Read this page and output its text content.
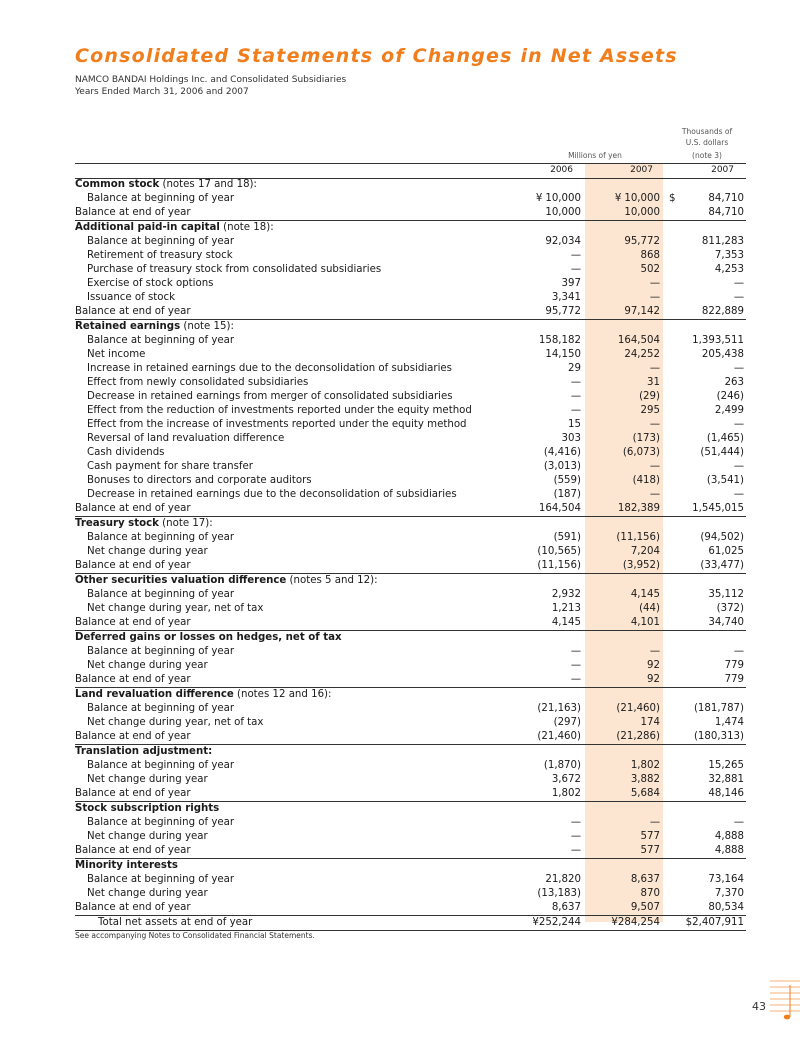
Consolidated Statements of Changes in Net Assets
NAMCO BANDAI Holdings Inc. and Consolidated Subsidiaries
Years Ended March 31, 2006 and 2007
Thousands of
U.S. dollars
(note 3)
Millions of yen
2006	2007	2007
Common stock (notes 17 and 18):			
Balance at beginning of year	¥ 10,000	¥ 10,000	$ 84,710
Balance at end of year	10,000	10,000	84,710
Additional paid-in capital (note 18):			
Balance at beginning of year	92,034	95,772	811,283
Retirement of treasury stock	—	868	7,353
Purchase of treasury stock from consolidated subsidiaries	—	502	4,253
Exercise of stock options	397	—	—
Issuance of stock	3,341	—	—
Balance at end of year	95,772	97,142	822,889
Retained earnings (note 15):			
Balance at beginning of year	158,182	164,504	1,393,511
Net income	14,150	24,252	205,438
Increase in retained earnings due to the deconsolidation of subsidiaries	29	—	—
Effect from newly consolidated subsidiaries	—	31	263
Decrease in retained earnings from merger of consolidated subsidiaries	—	(29)	(246)
Effect from the reduction of investments reported under the equity method	—	295	2,499
Effect from the increase of investments reported under the equity method	15	—	—
Reversal of land revaluation difference	303	(173)	(1,465)
Cash dividends	(4,416)	(6,073)	(51,444)
Cash payment for share transfer	(3,013)	—	—
Bonuses to directors and corporate auditors	(559)	(418)	(3,541)
Decrease in retained earnings due to the deconsolidation of subsidiaries	(187)	—	—
Balance at end of year	164,504	182,389	1,545,015
Treasury stock (note 17):			
Balance at beginning of year	(591)	(11,156)	(94,502)
Net change during year	(10,565)	7,204	61,025
Balance at end of year	(11,156)	(3,952)	(33,477)
Other securities valuation difference (notes 5 and 12):			
Balance at beginning of year	2,932	4,145	35,112
Net change during year, net of tax	1,213	(44)	(372)
Balance at end of year	4,145	4,101	34,740
Deferred gains or losses on hedges, net of tax			
Balance at beginning of year	—	—	—
Net change during year	—	92	779
Balance at end of year	—	92	779
Land revaluation difference (notes 12 and 16):			
Balance at beginning of year	(21,163)	(21,460)	(181,787)
Net change during year, net of tax	(297)	174	1,474
Balance at end of year	(21,460)	(21,286)	(180,313)
Translation adjustment:			
Balance at beginning of year	(1,870)	1,802	15,265
Net change during year	3,672	3,882	32,881
Balance at end of year	1,802	5,684	48,146
Stock subscription rights			
Balance at beginning of year	—	—	—
Net change during year	—	577	4,888
Balance at end of year	—	577	4,888
Minority interests			
Balance at beginning of year	21,820	8,637	73,164
Net change during year	(13,183)	870	7,370
Balance at end of year	8,637	9,507	80,534
Total net assets at end of year	¥252,244	¥284,254	$2,407,911
See accompanying Notes to Consolidated Financial Statements.
43
